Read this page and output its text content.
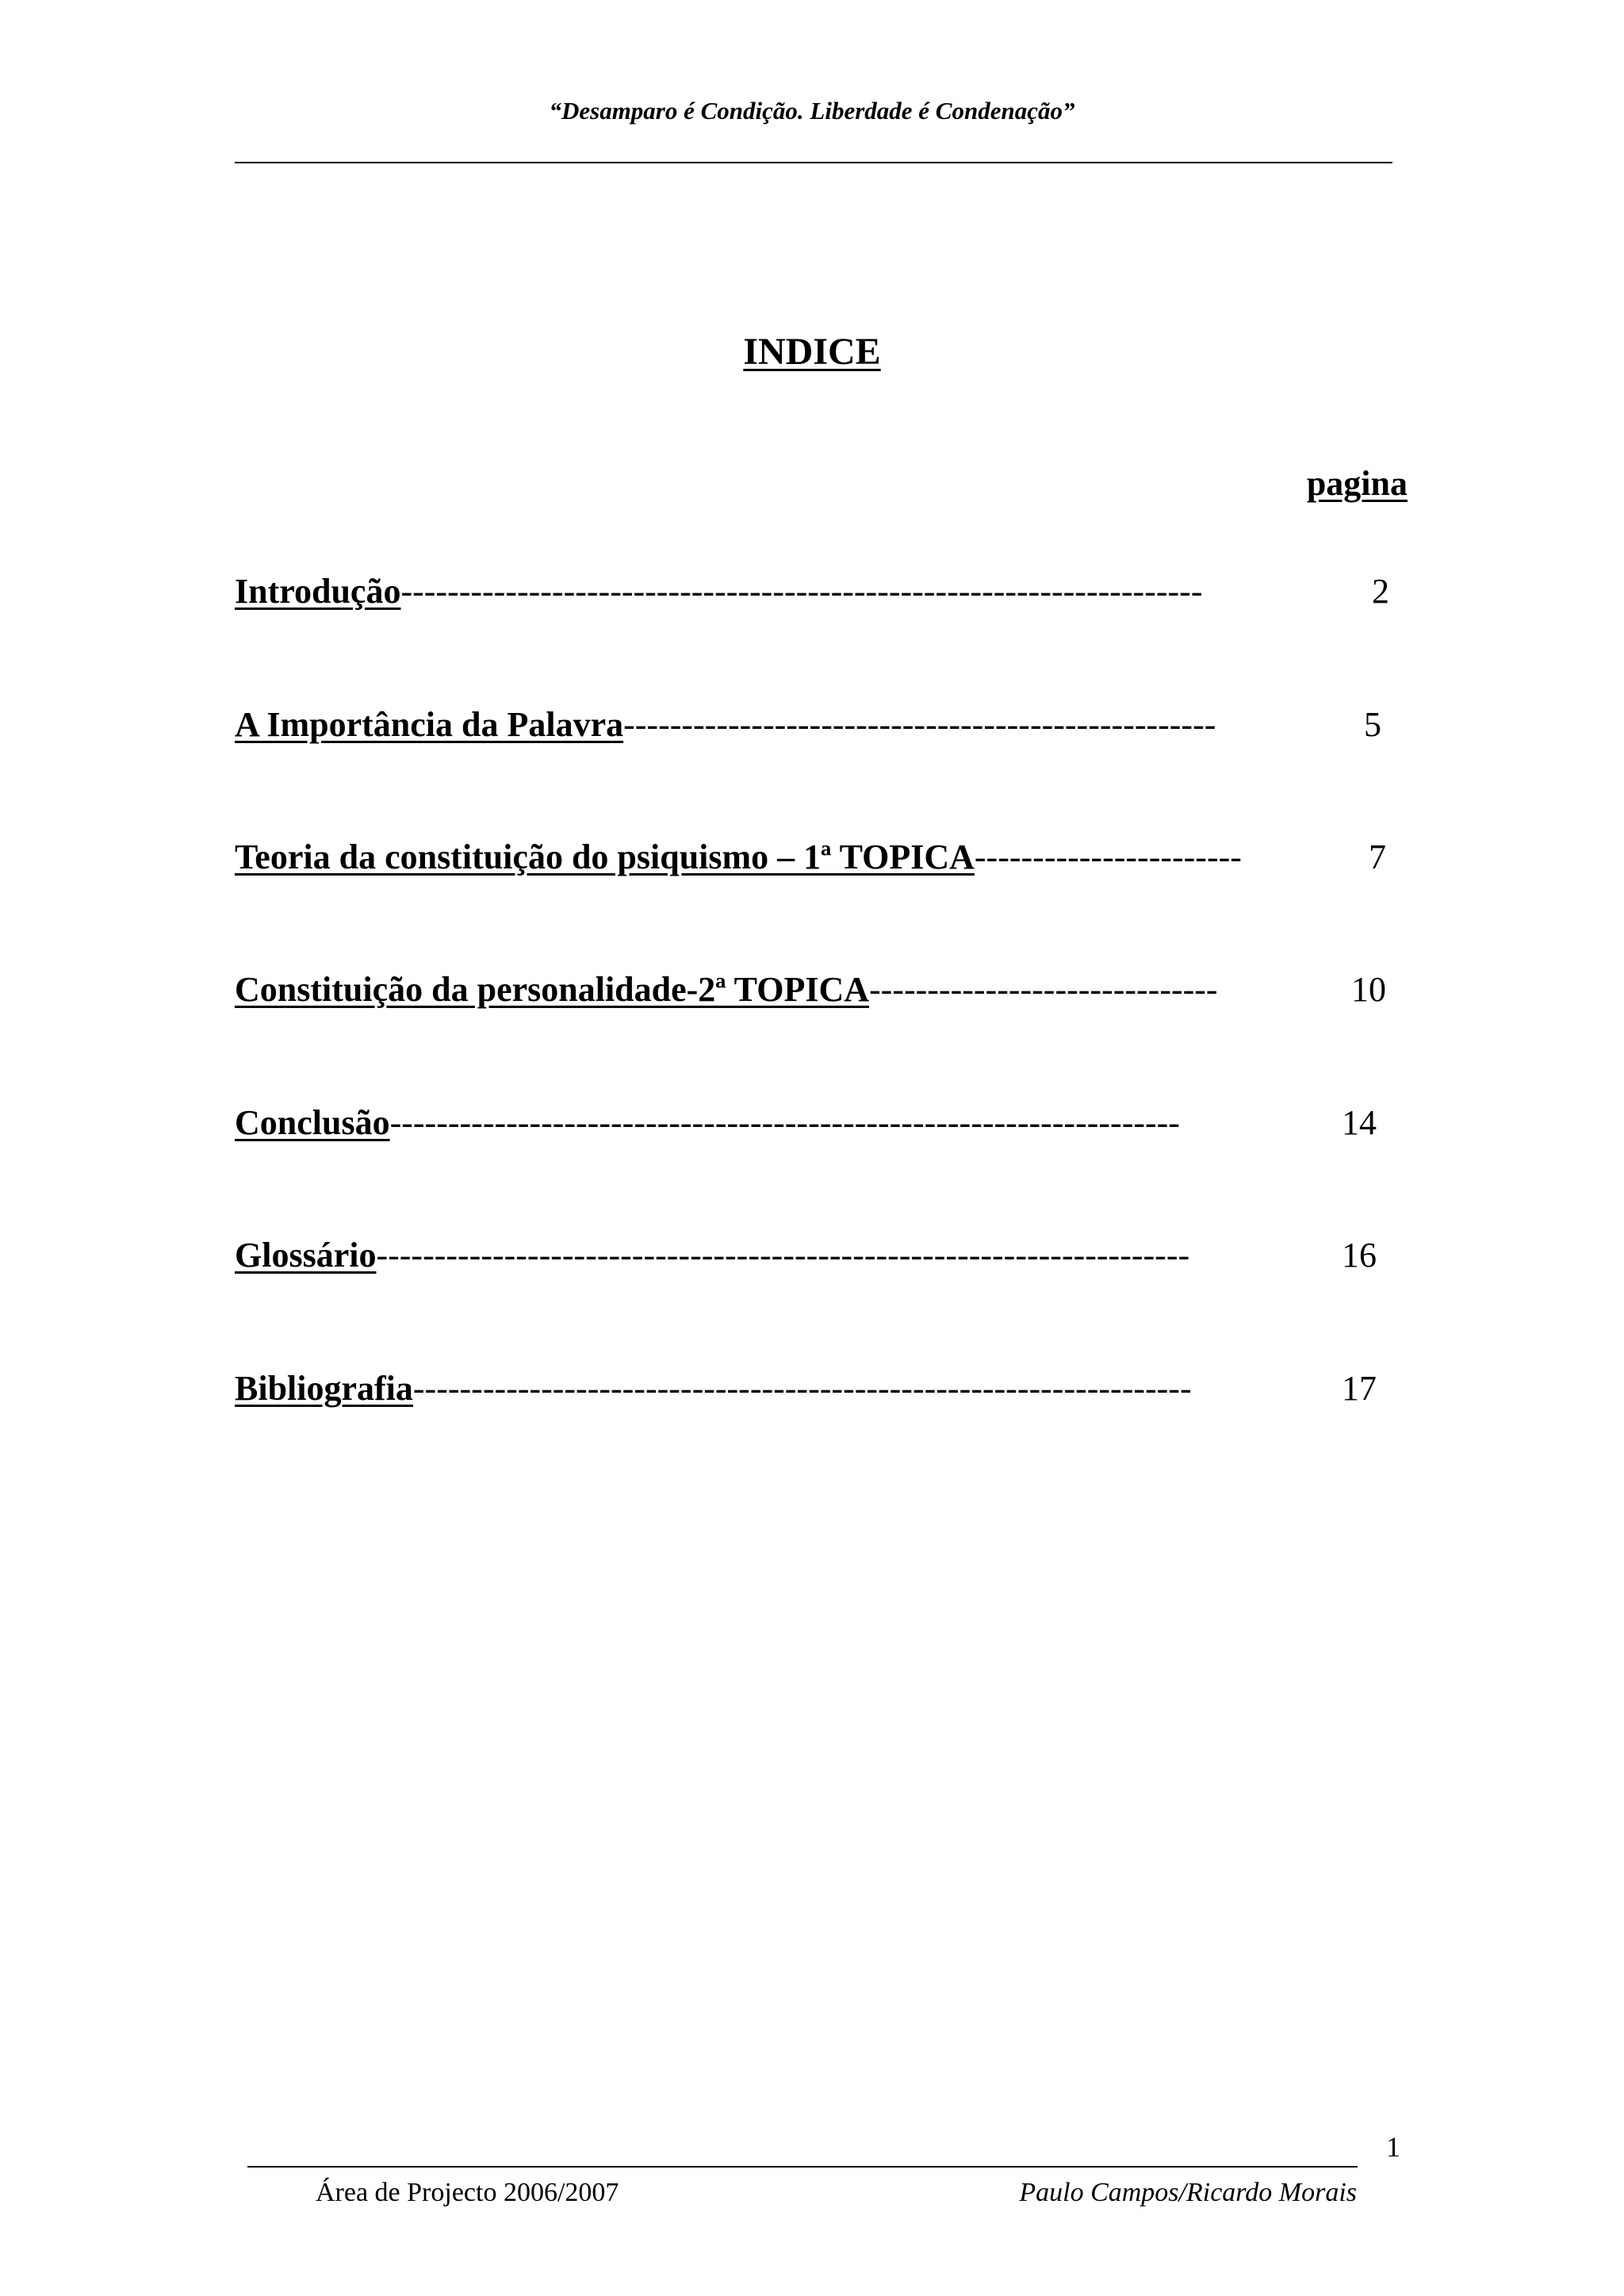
“Desamparo é Condição. Liberdade é Condenação”
INDICE
pagina
Introdução---------------------------------------------------------------------	2
A Importância da Palavra---------------------------------------------------	5
Teoria da constituição do psiquismo – 1ª TOPICA-----------------------	7
Constituição da personalidade-2ª TOPICA------------------------------	10
Conclusão--------------------------------------------------------------------	14
Glossário----------------------------------------------------------------------	16
Bibliografia-------------------------------------------------------------------	17
1
Área de Projecto 2006/2007	Paulo Campos/Ricardo Morais
